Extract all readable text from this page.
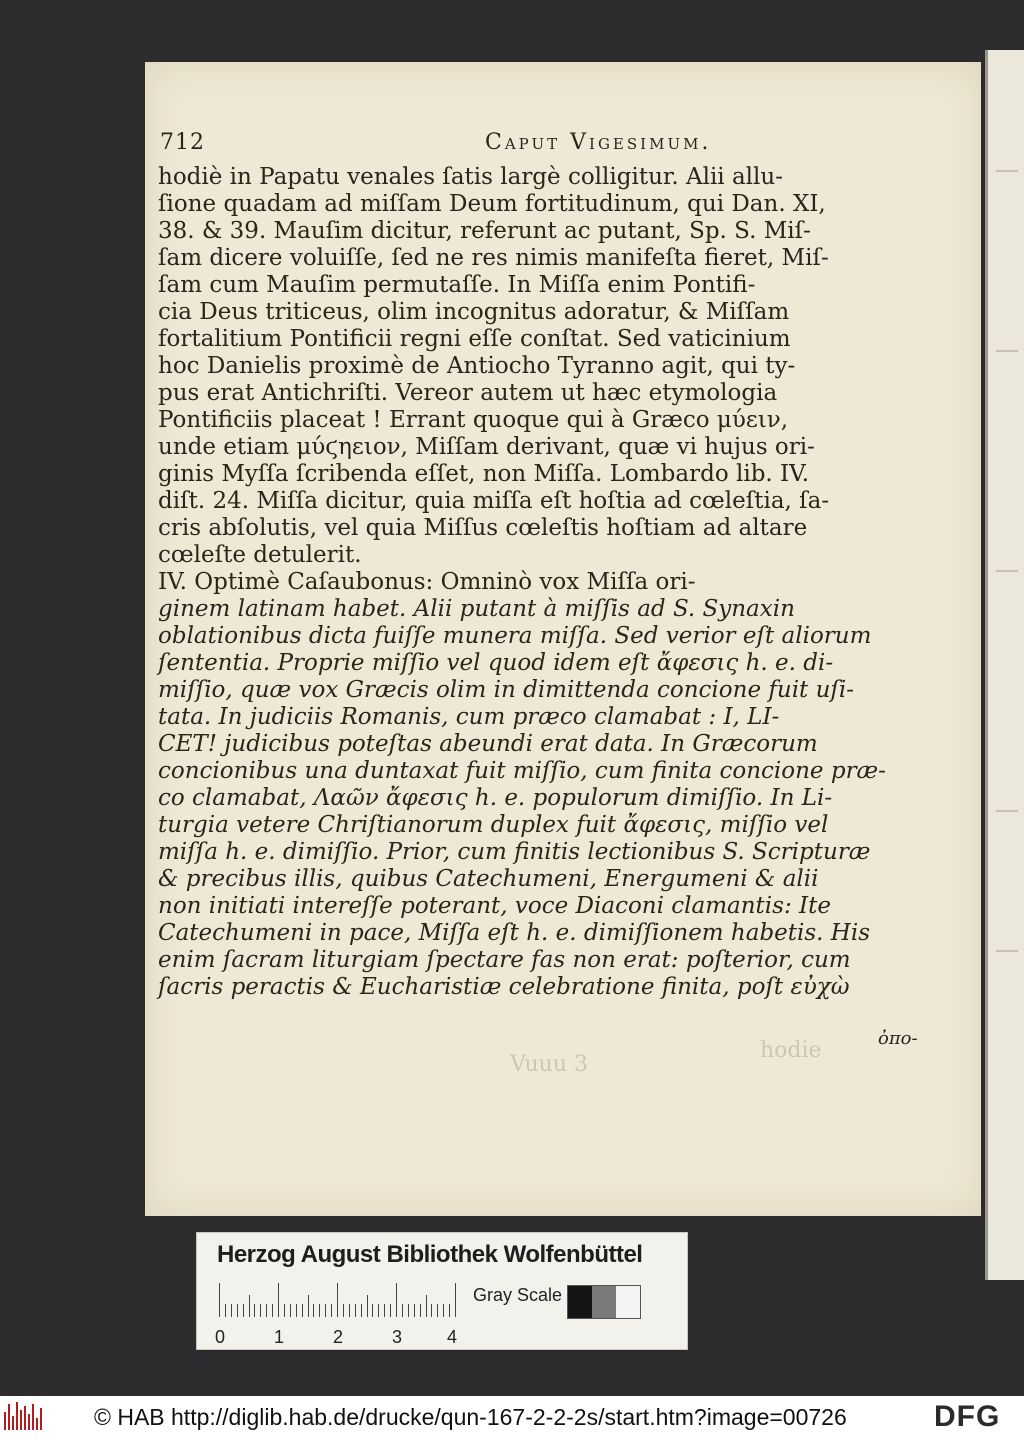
712	Caput Vigesimum.
hodiè in Papatu venales ſatis largè colligitur. Alii allu-
ſione quadam ad miſſam Deum fortitudinum, qui Dan. XI,
38. & 39. Mauſim dicitur, referunt ac putant, Sp. S. Miſ-
ſam dicere voluiſſe, ſed ne res nimis manifeſta fieret, Miſ-
ſam cum Mauſim permutaſſe. In Miſſa enim Pontifi-
cia Deus triticeus, olim incognitus adoratur, & Miſſam
fortalitium Pontificii regni eſſe conſtat. Sed vaticinium
hoc Danielis proximè de Antiocho Tyranno agit, qui ty-
pus erat Antichriſti. Vereor autem ut hæc etymologia
Pontificiis placeat ! Errant quoque qui à Græco μύειν,
unde etiam μύϛηειον, Miſſam derivant, quæ vi hujus ori-
ginis Myſſa ſcribenda eſſet, non Miſſa. Lombardo lib. IV.
diſt. 24. Miſſa dicitur, quia miſſa eſt hoſtia ad cœleſtia, ſa-
cris abſolutis, vel quia Miſſus cœleſtis hoſtiam ad altare
cœleſte detulerit.
IV. Optimè Caſaubonus: Omninò vox Miſſa ori-
ginem latinam habet. Alii putant à miſſis ad S. Synaxin
oblationibus dicta fuiſſe munera miſſa. Sed verior eſt aliorum
ſententia. Proprie miſſio vel quod idem eſt ἄφεσις h. e. di-
miſſio, quæ vox Græcis olim in dimittenda concione fuit uſi-
tata. In judiciis Romanis, cum præco clamabat : I, LI-
CET! judicibus poteſtas abeundi erat data. In Græcorum
concionibus una duntaxat fuit miſſio, cum finita concione præ-
co clamabat, Λαῶν ἄφεσις h. e. populorum dimiſſio. In Li-
turgia vetere Chriſtianorum duplex fuit ἄφεσις, miſſio vel
miſſa h. e. dimiſſio. Prior, cum finitis lectionibus S. Scripturæ
& precibus illis, quibus Catechumeni, Energumeni & alii
non initiati intereſſe poterant, voce Diaconi clamantis: Ite
Catechumeni in pace, Miſſa eſt h. e. dimiſſionem habetis. His
enim ſacram liturgiam ſpectare fas non erat: poſterior, cum
ſacris peractis & Eucharistiæ celebratione finita, poſt εὐχὼ
ὀπο-
Vuuu 3
hodie
Herzog August Bibliothek Wolfenbüttel
0	1	2	3 4
Gray Scale
© HAB http://diglib.hab.de/drucke/qun-167-2-2-2s/start.htm?image=00726	DFG
